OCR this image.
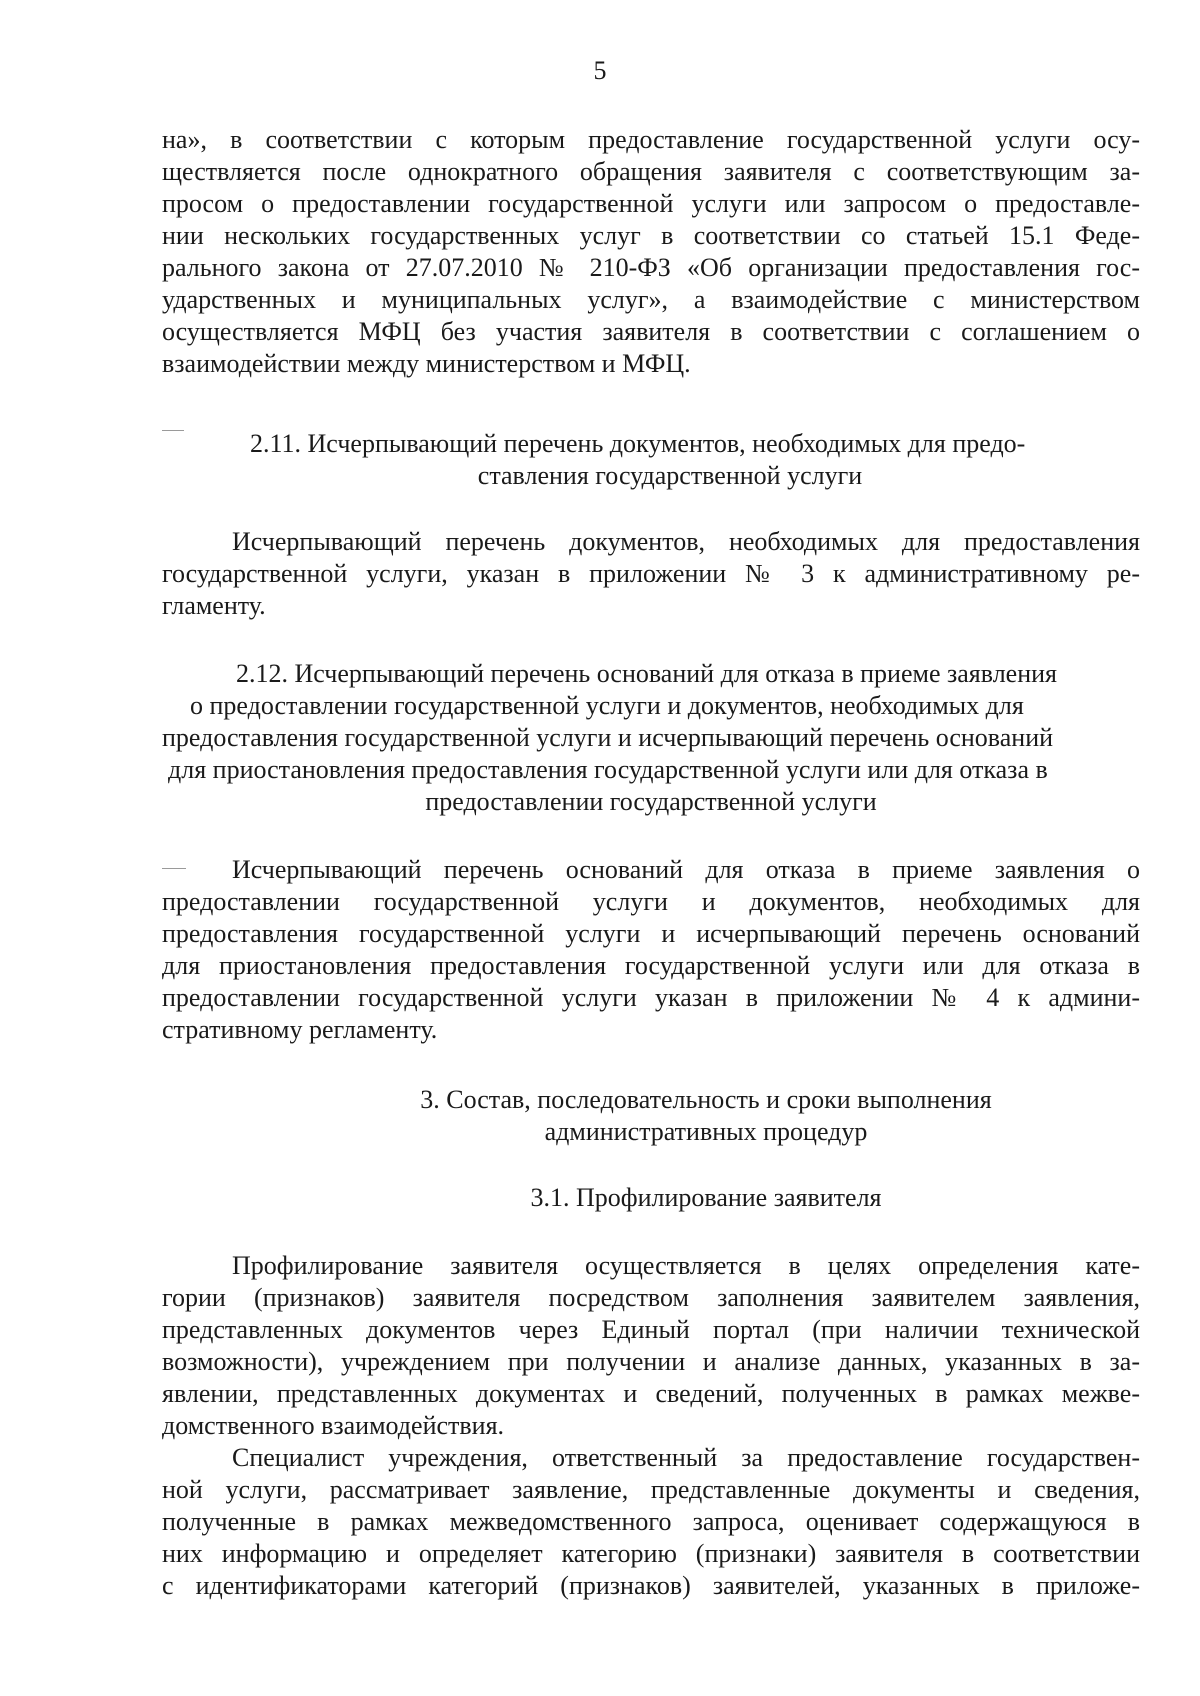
5
на», в соответствии с которым предоставление государственной услуги осу-
ществляется после однократного обращения заявителя с соответствующим за-
просом о предоставлении государственной услуги или запросом о предоставле-
нии нескольких государственных услуг в соответствии со статьей 15.1 Феде-
рального закона от 27.07.2010 № 210-ФЗ «Об организации предоставления гос-
ударственных и муниципальных услуг», а взаимодействие с министерством
осуществляется МФЦ без участия заявителя в соответствии с соглашением о
взаимодействии между министерством и МФЦ.
2.11. Исчерпывающий перечень документов, необходимых для предо-
ставления государственной услуги
Исчерпывающий перечень документов, необходимых для предоставления
государственной услуги, указан в приложении № 3 к административному ре-
гламенту.
2.12. Исчерпывающий перечень оснований для отказа в приеме заявления
о предоставлении государственной услуги и документов, необходимых для
предоставления государственной услуги и исчерпывающий перечень оснований
для приостановления предоставления государственной услуги или для отказа в
предоставлении государственной услуги
Исчерпывающий перечень оснований для отказа в приеме заявления о
предоставлении государственной услуги и документов, необходимых для
предоставления государственной услуги и исчерпывающий перечень оснований
для приостановления предоставления государственной услуги или для отказа в
предоставлении государственной услуги указан в приложении № 4 к админи-
стративному регламенту.
3. Состав, последовательность и сроки выполнения
административных процедур
3.1. Профилирование заявителя
Профилирование заявителя осуществляется в целях определения кате-
гории (признаков) заявителя посредством заполнения заявителем заявления,
представленных документов через Единый портал (при наличии технической
возможности), учреждением при получении и анализе данных, указанных в за-
явлении, представленных документах и сведений, полученных в рамках межве-
домственного взаимодействия.
Специалист учреждения, ответственный за предоставление государствен-
ной услуги, рассматривает заявление, представленные документы и сведения,
полученные в рамках межведомственного запроса, оценивает содержащуюся в
них информацию и определяет категорию (признаки) заявителя в соответствии
с идентификаторами категорий (признаков) заявителей, указанных в приложе-
